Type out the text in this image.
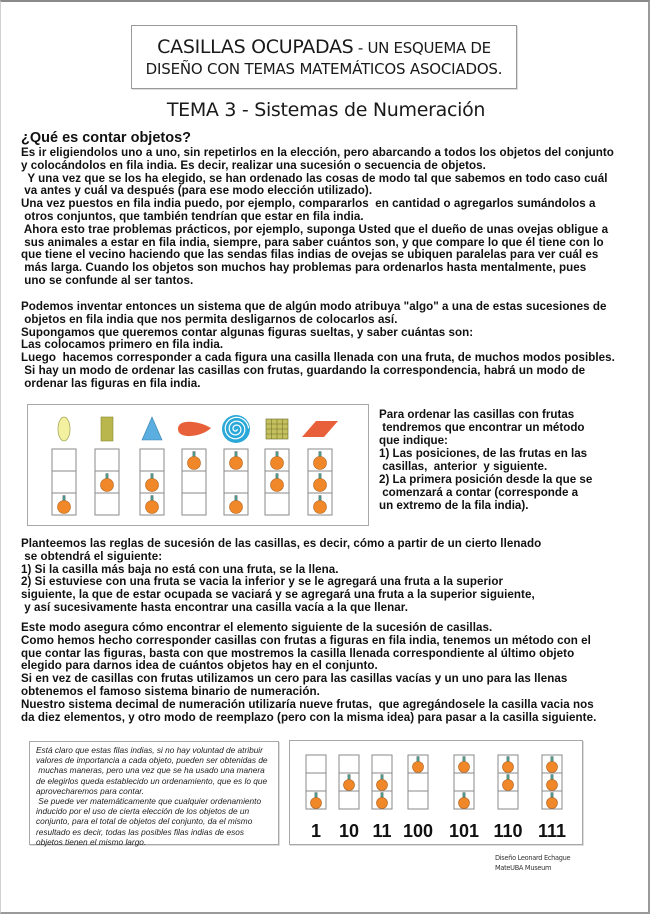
CASILLAS OCUPADAS - UN ESQUEMA DE
DISEÑO CON TEMAS MATEMÁTICOS ASOCIADOS.
TEMA 3 - Sistemas de Numeración
¿Qué es contar objetos?
Es ir eligiendolos uno a uno, sin repetirlos en la elección, pero abarcando a todos los objetos del conjunto
y colocándolos en fila india. Es decir, realizar una sucesión o secuencia de objetos.
Y una vez que se los ha elegido, se han ordenado las cosas de modo tal que sabemos en todo caso cuál
va antes y cuál va después (para ese modo elección utilizado).
Una vez puestos en fila india puedo, por ejemplo, compararlos  en cantidad o agregarlos sumándolos a
otros conjuntos, que también tendrían que estar en fila india.
Ahora esto trae problemas prácticos, por ejemplo, suponga Usted que el dueño de unas ovejas obligue a
sus animales a estar en fila india, siempre, para saber cuántos son, y que compare lo que él tiene con lo
que tiene el vecino haciendo que las sendas filas indias de ovejas se ubiquen paralelas para ver cuál es
más larga. Cuando los objetos son muchos hay problemas para ordenarlos hasta mentalmente, pues
uno se confunde al ser tantos.
Podemos inventar entonces un sistema que de algún modo atribuya "algo" a una de estas sucesiones de
objetos en fila india que nos permita desligarnos de colocarlos así.
Supongamos que queremos contar algunas figuras sueltas, y saber cuántas son:
Las colocamos primero en fila india.
Luego  hacemos corresponder a cada figura una casilla llenada con una fruta, de muchos modos posibles.
Si hay un modo de ordenar las casillas con frutas, guardando la correspondencia, habrá un modo de
ordenar las figuras en fila india.
Para ordenar las casillas con frutas
tendremos que encontrar un método
que indique:
1) Las posiciones, de las frutas en las
casillas,  anterior  y siguiente.
2) La primera posición desde la que se
comenzará a contar (corresponde a
un extremo de la fila india).
Planteemos las reglas de sucesión de las casillas, es decir, cómo a partir de un cierto llenado
se obtendrá el siguiente:
1) Si la casilla más baja no está con una fruta, se la llena.
2) Si estuviese con una fruta se vacia la inferior y se le agregará una fruta a la superior
siguiente, la que de estar ocupada se vaciará y se agregará una fruta a la superior siguiente,
y así sucesivamente hasta encontrar una casilla vacía a la que llenar.
Este modo asegura cómo encontrar el elemento siguiente de la sucesión de casillas.
Como hemos hecho corresponder casillas con frutas a figuras en fila india, tenemos un método con el
que contar las figuras, basta con que mostremos la casilla llenada correspondiente al último objeto
elegido para darnos idea de cuántos objetos hay en el conjunto.
Si en vez de casillas con frutas utilizamos un cero para las casillas vacías y un uno para las llenas
obtenemos el famoso sistema binario de numeración.
Nuestro sistema decimal de numeración utilizaría nueve frutas,  que agregándosele la casilla vacia nos
da diez elementos, y otro modo de reemplazo (pero con la misma idea) para pasar a la casilla siguiente.
Está claro que estas filas indias, si no hay voluntad de atribuir
valores de importancia a cada objeto, pueden ser obtenidas de
muchas maneras, pero una vez que se ha usado una manera
de elegirlos queda establecido un ordenamiento, que es lo que
aprovecharemos para contar.
Se puede ver matemáticamente que cualquier ordenamiento
inducido por el uso de cierta elección de los objetos de un
conjunto, para el total de objetos del conjunto, da el mismo
resultado es decir, todas las posibles filas indias de esos
objetos tienen el mismo largo.
1 10 11 100 101 110 111
Diseño Leonard Echague
MateUBA Museum
